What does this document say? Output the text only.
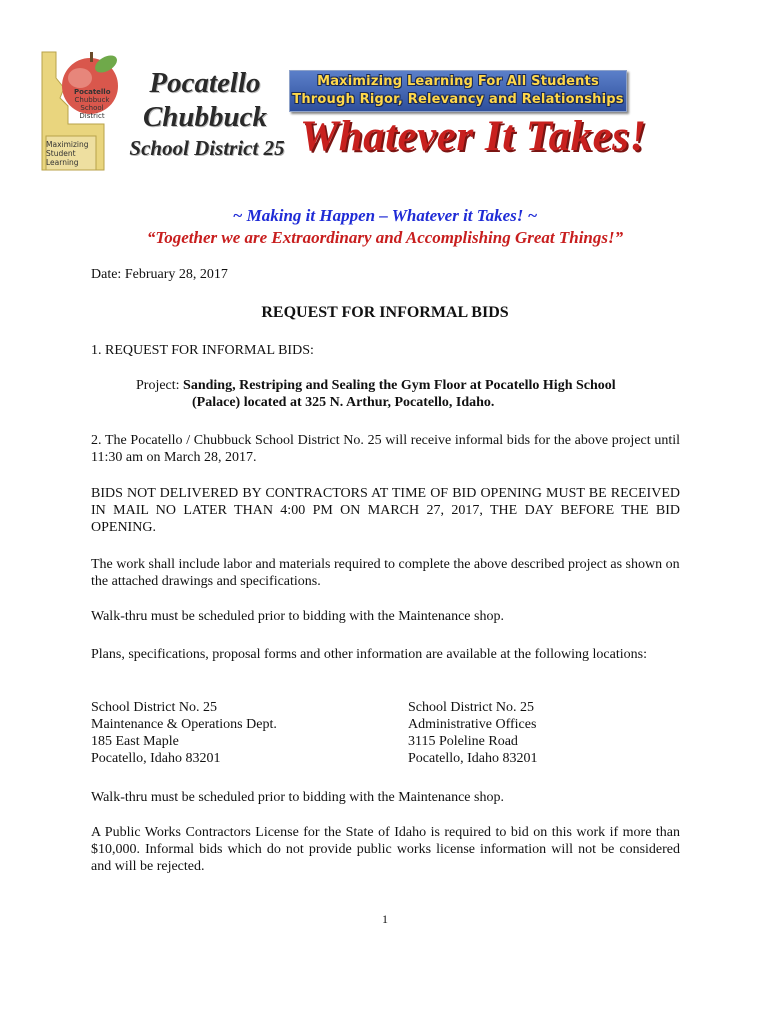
Pocatello
Chubbuck
School
District
Maximizing
Student
Learning
Pocatello
Chubbuck
School District 25
Maximizing Learning For All Students
Through Rigor, Relevancy and Relationships
Whatever It Takes!
~ Making it Happen – Whatever it Takes! ~
“Together we are Extraordinary and Accomplishing Great Things!”
Date: February 28, 2017
REQUEST FOR INFORMAL BIDS
1. REQUEST FOR INFORMAL BIDS:
Project: Sanding, Restriping and Sealing the Gym Floor at Pocatello High School
(Palace) located at 325 N. Arthur, Pocatello, Idaho.
2. The Pocatello / Chubbuck School District No. 25 will receive informal bids for the above project until 11:30 am on March 28, 2017.
BIDS NOT DELIVERED BY CONTRACTORS AT TIME OF BID OPENING MUST BE RECEIVED IN MAIL NO LATER THAN 4:00 PM ON MARCH 27, 2017, THE DAY BEFORE THE BID OPENING.
The work shall include labor and materials required to complete the above described project as shown on the attached drawings and specifications.
Walk-thru must be scheduled prior to bidding with the Maintenance shop.
Plans, specifications, proposal forms and other information are available at the following locations:
School District No. 25
Maintenance & Operations Dept.
185 East Maple
Pocatello, Idaho 83201
School District No. 25
Administrative Offices
3115 Poleline Road
Pocatello, Idaho 83201
Walk-thru must be scheduled prior to bidding with the Maintenance shop.
A Public Works Contractors License for the State of Idaho is required to bid on this work if more than $10,000. Informal bids which do not provide public works license information will not be considered and will be rejected.
1
